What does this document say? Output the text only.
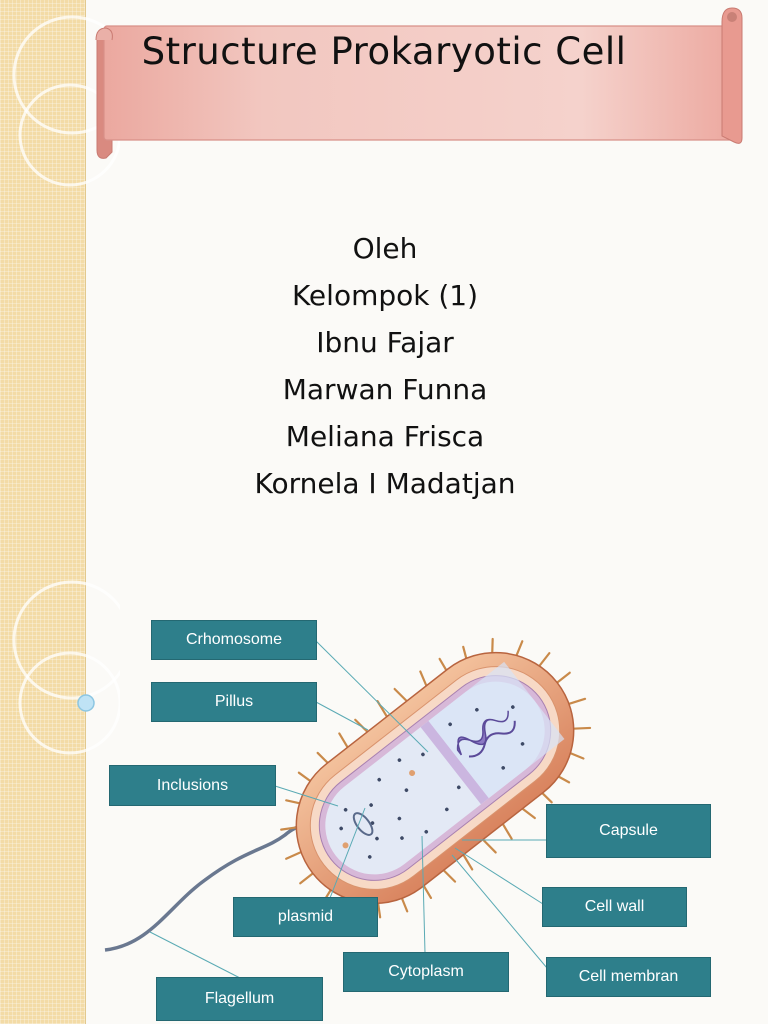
Structure Prokaryotic Cell
Oleh
Kelompok (1)
Ibnu Fajar
Marwan Funna
Meliana Frisca
Kornela I Madatjan
Crhomosome
Pillus
Inclusions
plasmid
Flagellum
Cytoplasm
Capsule
Cell wall
Cell membran
